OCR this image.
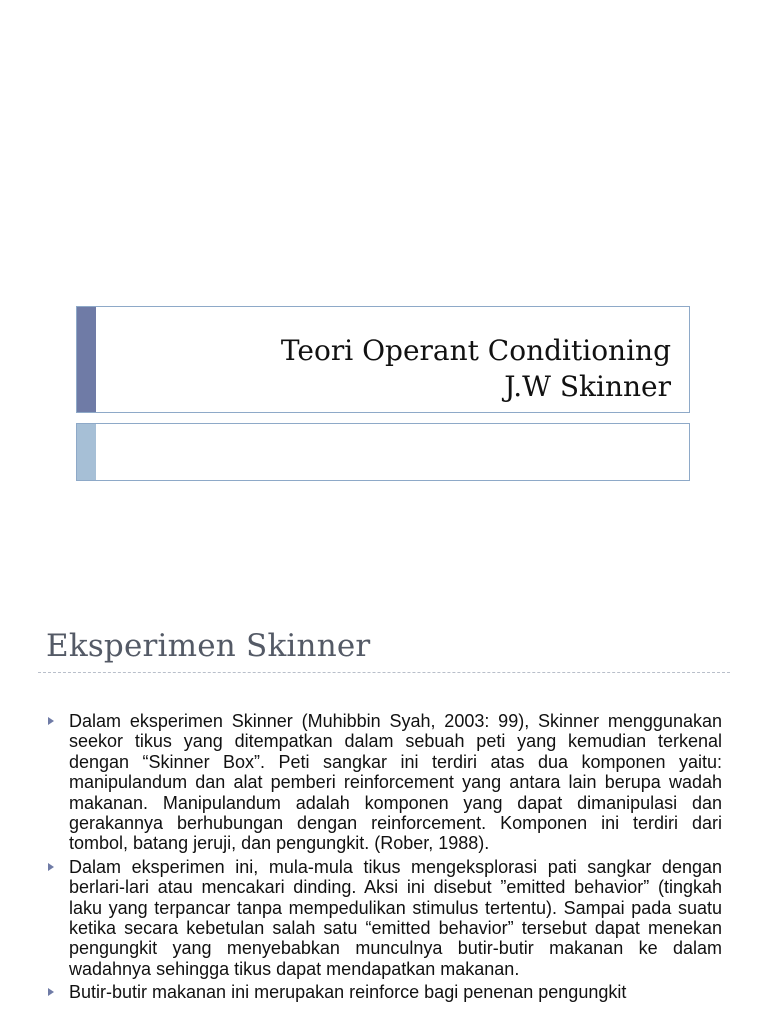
Teori Operant Conditioning
J.W Skinner
Eksperimen Skinner
Dalam eksperimen Skinner (Muhibbin Syah, 2003: 99), Skinner menggunakan seekor tikus yang ditempatkan dalam sebuah peti yang kemudian terkenal dengan “Skinner Box”. Peti sangkar ini terdiri atas dua komponen yaitu: manipulandum dan alat pemberi reinforcement yang antara lain berupa wadah makanan. Manipulandum adalah komponen yang dapat dimanipulasi dan gerakannya berhubungan dengan reinforcement. Komponen ini terdiri dari tombol, batang jeruji, dan pengungkit. (Rober, 1988).
Dalam eksperimen ini, mula-mula tikus mengeksplorasi pati sangkar dengan berlari-lari atau mencakari dinding. Aksi ini disebut ”emitted behavior” (tingkah laku yang terpancar tanpa mempedulikan stimulus tertentu). Sampai pada suatu ketika secara kebetulan salah satu “emitted behavior” tersebut dapat menekan pengungkit yang menyebabkan munculnya butir-butir makanan ke dalam wadahnya sehingga tikus dapat mendapatkan makanan.
Butir-butir makanan ini merupakan reinforce bagi penenan pengungkit
